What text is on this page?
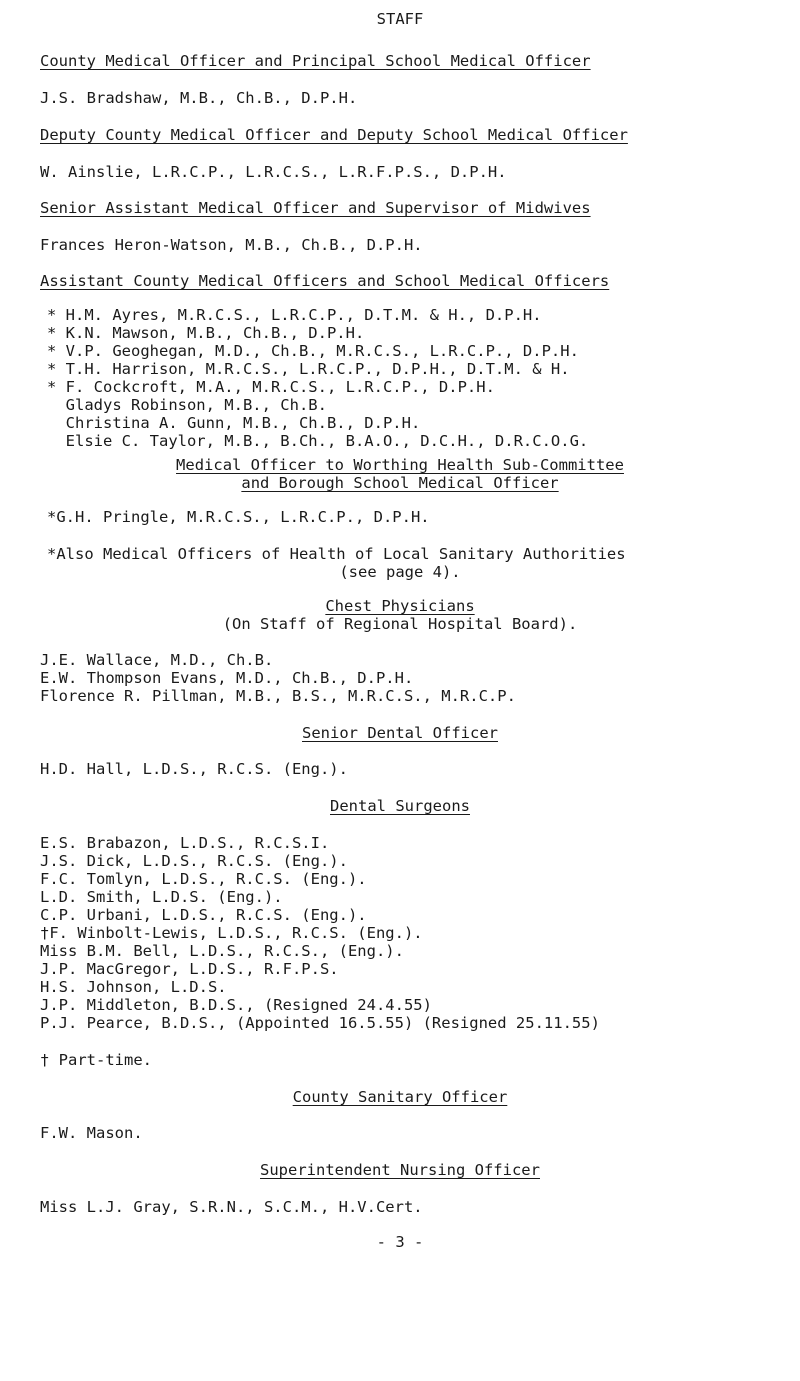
STAFF
County Medical Officer and Principal School Medical Officer
J.S. Bradshaw, M.B., Ch.B., D.P.H.
Deputy County Medical Officer and Deputy School Medical Officer
W. Ainslie, L.R.C.P., L.R.C.S., L.R.F.P.S., D.P.H.
Senior Assistant Medical Officer and Supervisor of Midwives
Frances Heron-Watson, M.B., Ch.B., D.P.H.
Assistant County Medical Officers and School Medical Officers
* H.M. Ayres, M.R.C.S., L.R.C.P., D.T.M. & H., D.P.H.
* K.N. Mawson, M.B., Ch.B., D.P.H.
* V.P. Geoghegan, M.D., Ch.B., M.R.C.S., L.R.C.P., D.P.H.
* T.H. Harrison, M.R.C.S., L.R.C.P., D.P.H., D.T.M. & H.
* F. Cockcroft, M.A., M.R.C.S., L.R.C.P., D.P.H.
Gladys Robinson, M.B., Ch.B.
Christina A. Gunn, M.B., Ch.B., D.P.H.
Elsie C. Taylor, M.B., B.Ch., B.A.O., D.C.H., D.R.C.O.G.
Medical Officer to Worthing Health Sub-Committee
and Borough School Medical Officer
*G.H. Pringle, M.R.C.S., L.R.C.P., D.P.H.
*Also Medical Officers of Health of Local Sanitary Authorities
(see page 4).
Chest Physicians
(On Staff of Regional Hospital Board).
J.E. Wallace, M.D., Ch.B.
E.W. Thompson Evans, M.D., Ch.B., D.P.H.
Florence R. Pillman, M.B., B.S., M.R.C.S., M.R.C.P.
Senior Dental Officer
H.D. Hall, L.D.S., R.C.S. (Eng.).
Dental Surgeons
E.S. Brabazon, L.D.S., R.C.S.I.
J.S. Dick, L.D.S., R.C.S. (Eng.).
F.C. Tomlyn, L.D.S., R.C.S. (Eng.).
L.D. Smith, L.D.S. (Eng.).
C.P. Urbani, L.D.S., R.C.S. (Eng.).
†F. Winbolt-Lewis, L.D.S., R.C.S. (Eng.).
Miss B.M. Bell, L.D.S., R.C.S., (Eng.).
J.P. MacGregor, L.D.S., R.F.P.S.
H.S. Johnson, L.D.S.
J.P. Middleton, B.D.S., (Resigned 24.4.55)
P.J. Pearce, B.D.S., (Appointed 16.5.55) (Resigned 25.11.55)
† Part-time.
County Sanitary Officer
F.W. Mason.
Superintendent Nursing Officer
Miss L.J. Gray, S.R.N., S.C.M., H.V.Cert.
- 3 -
